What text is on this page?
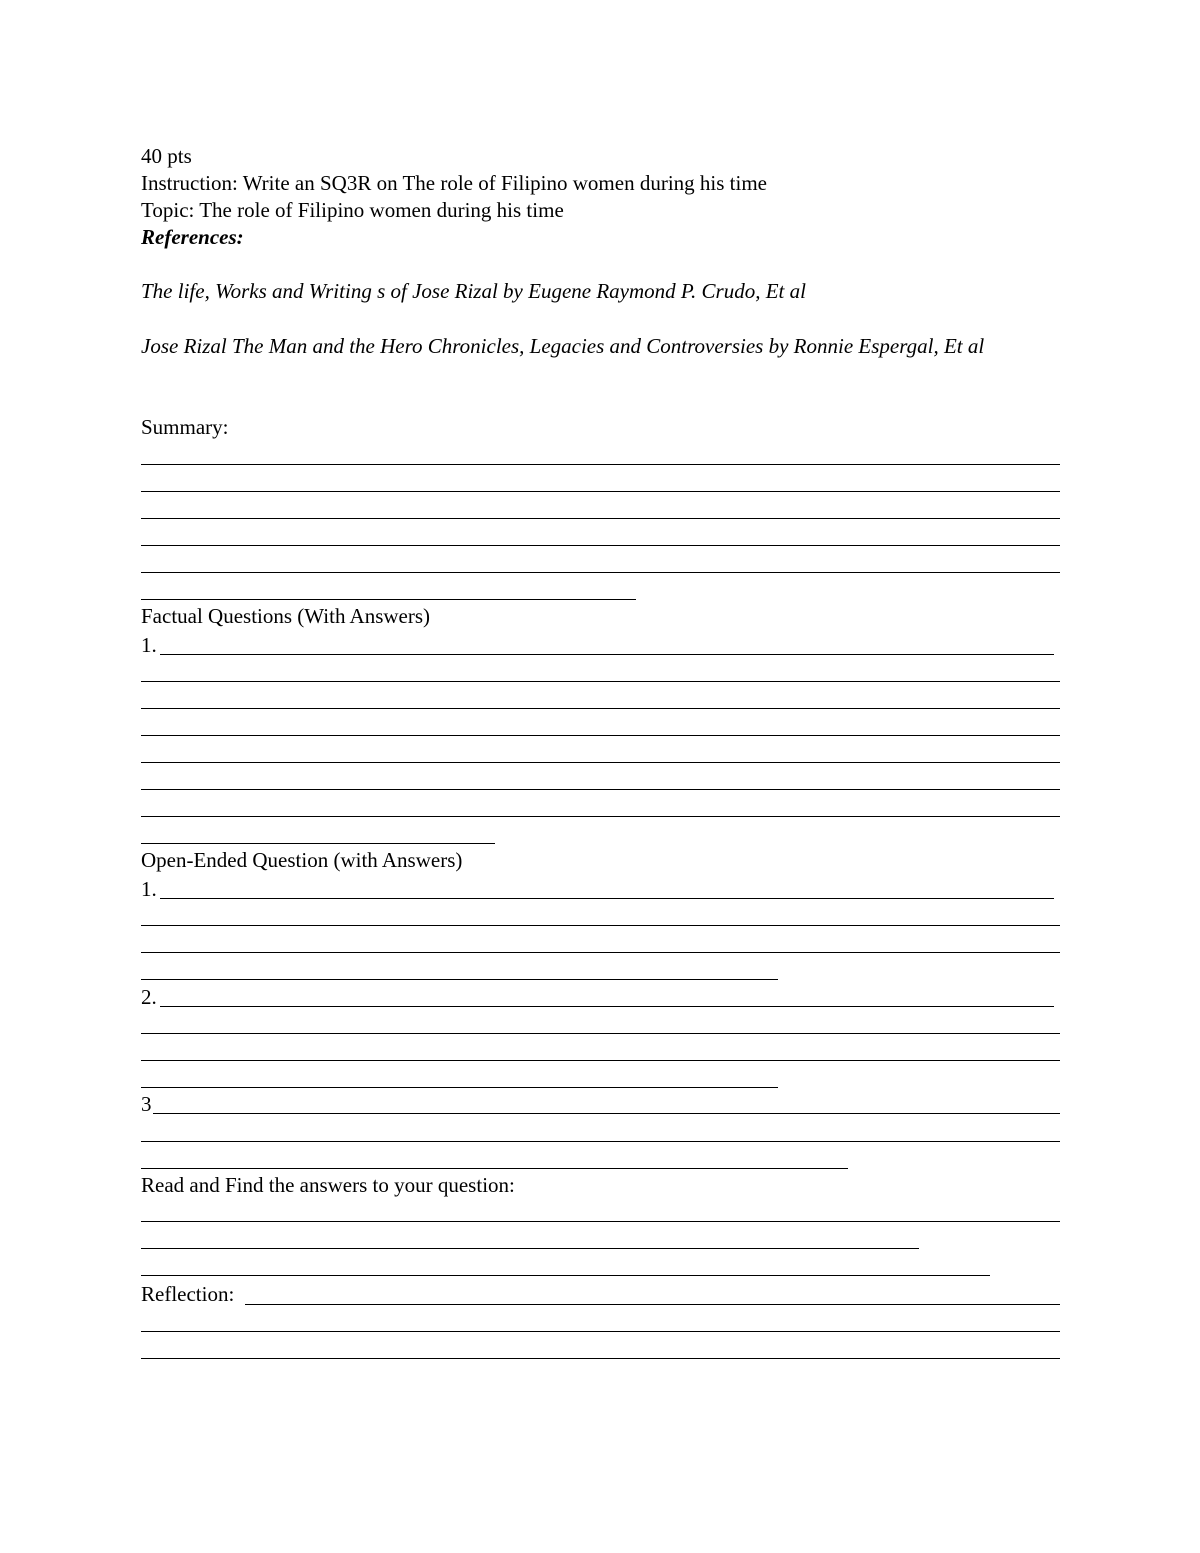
40 pts
Instruction: Write an SQ3R on The role of Filipino women during his time
Topic: The role of Filipino women during his time
References:
The life, Works and Writing s of Jose Rizal by Eugene Raymond P. Crudo, Et al
Jose Rizal The Man and the Hero Chronicles, Legacies and Controversies by Ronnie Espergal, Et al
Summary:
Factual Questions (With Answers)
1.
Open-Ended Question (with Answers)
1.
2.
3
Read and Find the answers to your question:
Reflection:
